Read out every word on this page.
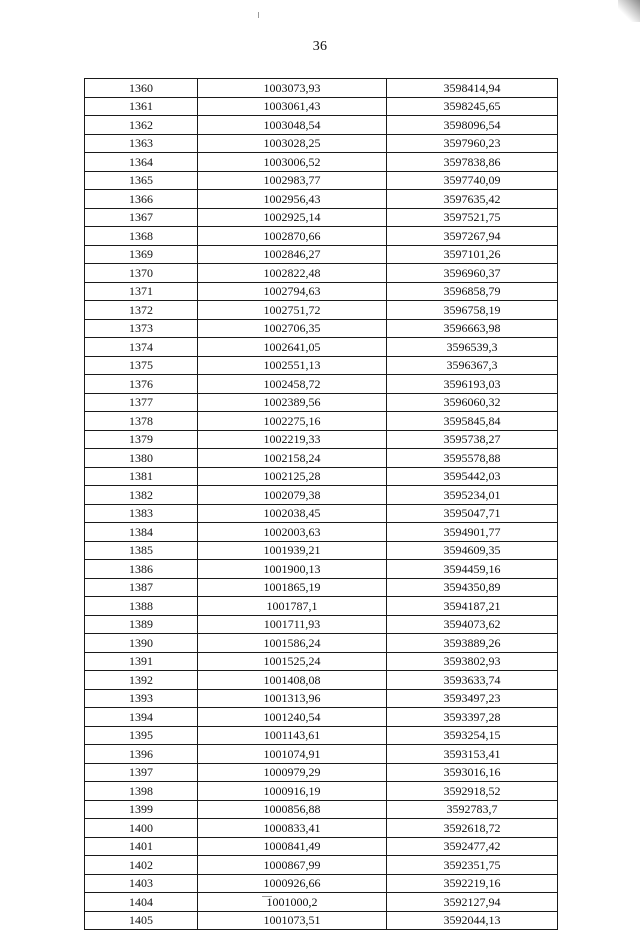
36
1360	1003073,93	3598414,94
1361	1003061,43	3598245,65
1362	1003048,54	3598096,54
1363	1003028,25	3597960,23
1364	1003006,52	3597838,86
1365	1002983,77	3597740,09
1366	1002956,43	3597635,42
1367	1002925,14	3597521,75
1368	1002870,66	3597267,94
1369	1002846,27	3597101,26
1370	1002822,48	3596960,37
1371	1002794,63	3596858,79
1372	1002751,72	3596758,19
1373	1002706,35	3596663,98
1374	1002641,05	3596539,3
1375	1002551,13	3596367,3
1376	1002458,72	3596193,03
1377	1002389,56	3596060,32
1378	1002275,16	3595845,84
1379	1002219,33	3595738,27
1380	1002158,24	3595578,88
1381	1002125,28	3595442,03
1382	1002079,38	3595234,01
1383	1002038,45	3595047,71
1384	1002003,63	3594901,77
1385	1001939,21	3594609,35
1386	1001900,13	3594459,16
1387	1001865,19	3594350,89
1388	1001787,1	3594187,21
1389	1001711,93	3594073,62
1390	1001586,24	3593889,26
1391	1001525,24	3593802,93
1392	1001408,08	3593633,74
1393	1001313,96	3593497,23
1394	1001240,54	3593397,28
1395	1001143,61	3593254,15
1396	1001074,91	3593153,41
1397	1000979,29	3593016,16
1398	1000916,19	3592918,52
1399	1000856,88	3592783,7
1400	1000833,41	3592618,72
1401	1000841,49	3592477,42
1402	1000867,99	3592351,75
1403	1000926,66	3592219,16
1404	1001000,2	3592127,94
1405	1001073,51	3592044,13
